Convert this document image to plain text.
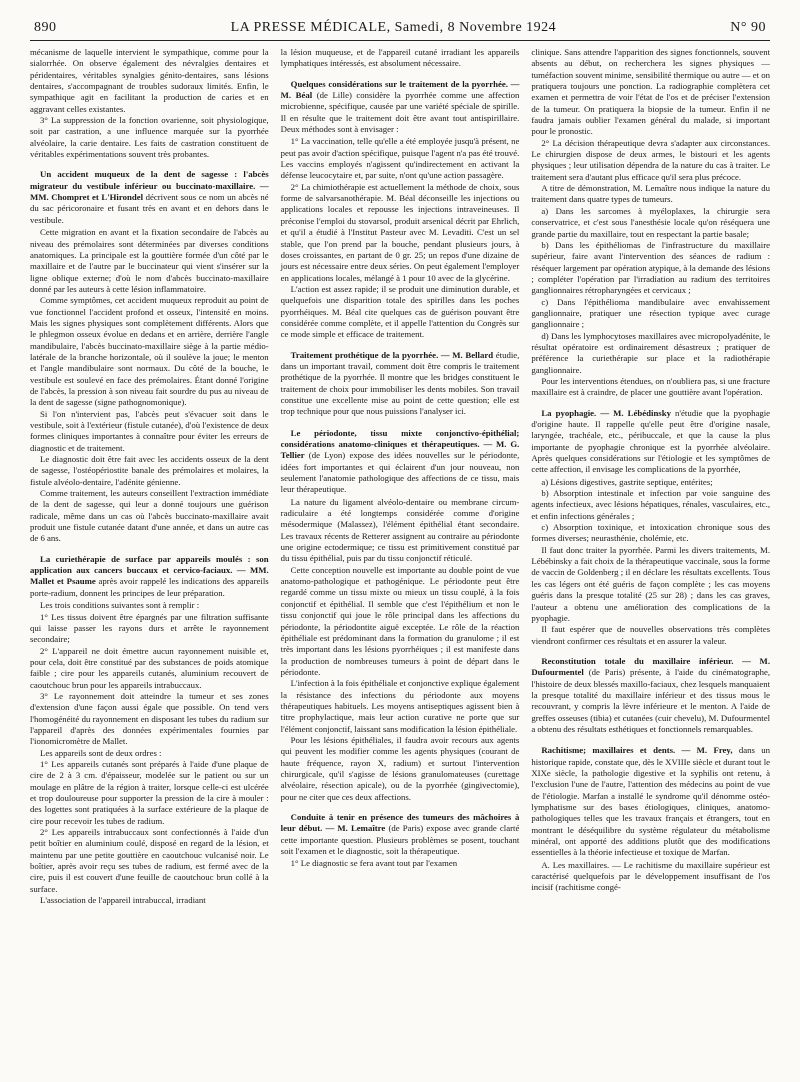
890	LA PRESSE MÉDICALE, Samedi, 8 Novembre 1924	N° 90

mécanisme de laquelle intervient le sympathique, comme pour la sialorrhée. On observe également des névralgies dentaires et péridentaires, véritables synalgies génito-dentaires, sans lésions dentaires, s'accompagnant de troubles sudoraux limités. Enfin, le sympathique agit en facilitant la production de caries et en aggravant celles existantes.

3° La suppression de la fonction ovarienne, soit physiologique, soit par castration, a une influence marquée sur la pyorrhée alvéolaire, la carie dentaire. Les faits de castration constituent de véritables expérimentations souvent très probantes.

Un accident muqueux de la dent de sagesse : l'abcès migrateur du vestibule inférieur ou buccinato-maxillaire. — MM. Chompret et L'Hirondel décrivent sous ce nom un abcès né du sac péricoronaire et fusant très en avant et en dehors dans le vestibule.

Cette migration en avant et la fixation secondaire de l'abcès au niveau des prémolaires sont déterminées par diverses conditions anatomiques. La principale est la gouttière formée d'un côté par le maxillaire et de l'autre par le buccinateur qui vient s'insérer sur la ligne oblique externe; d'où le nom d'abcès buccinato-maxillaire donné par les auteurs à cette lésion inflammatoire.

Comme symptômes, cet accident muqueux reproduit au point de vue fonctionnel l'accident profond et osseux, l'intensité en moins. Mais les signes physiques sont complètement différents. Alors que le phlegmon osseux évolue en dedans et en arrière, derrière l'angle mandibulaire, l'abcès buccinato-maxillaire siège à la partie médio-latérale de la branche horizontale, où il soulève la joue; le menton et l'angle mandibulaire sont normaux. Du côté de la bouche, le vestibule est soulevé en face des prémolaires. Étant donné l'origine de l'abcès, la pression à son niveau fait sourdre du pus au niveau de la dent de sagesse (signe pathognomonique).

Si l'on n'intervient pas, l'abcès peut s'évacuer soit dans le vestibule, soit à l'extérieur (fistule cutanée), d'où l'existence de deux formes cliniques importantes à connaître pour éviter les erreurs de diagnostic et de traitement.

Le diagnostic doit être fait avec les accidents osseux de la dent de sagesse, l'ostéopériostite banale des prémolaires et molaires, la fistule alvéolo-dentaire, l'adénite génienne.

Comme traitement, les auteurs conseillent l'extraction immédiate de la dent de sagesse, qui leur a donné toujours une guérison radicale, même dans un cas où l'abcès buccinato-maxillaire avait produit une fistule cutanée datant d'une année, et dans un autre cas de 6 ans.

La curiethérapie de surface par appareils moulés : son application aux cancers buccaux et cervico-faciaux. — MM. Mallet et Psaume après avoir rappelé les indications des appareils porte-radium, donnent les principes de leur préparation.

Les trois conditions suivantes sont à remplir :

1° Les tissus doivent être épargnés par une filtration suffisante qui laisse passer les rayons durs et arrête le rayonnement secondaire;

2° L'appareil ne doit émettre aucun rayonnement nuisible et, pour cela, doit être constitué par des substances de poids atomique faible ; cire pour les appareils cutanés, aluminium recouvert de caoutchouc brun pour les appareils intrabuccaux.

3° Le rayonnement doit atteindre la tumeur et ses zones d'extension d'une façon aussi égale que possible. On tend vers l'homogénéité du rayonnement en disposant les tubes du radium sur l'appareil d'après des données expérimentales fournies par l'ionomicromètre de Mallet.

Les appareils sont de deux ordres :

1° Les appareils cutanés sont préparés à l'aide d'une plaque de cire de 2 à 3 cm. d'épaisseur, modelée sur le patient ou sur un moulage en plâtre de la région à traiter, lorsque celle-ci est ulcérée et trop douloureuse pour supporter la pression de la cire à mouler : des logettes sont pratiquées à la surface extérieure de la plaque de cire pour recevoir les tubes de radium.

2° Les appareils intrabuccaux sont confectionnés à l'aide d'un petit boîtier en aluminium coulé, disposé en regard de la lésion, et maintenu par une petite gouttière en caoutchouc vulcanisé noir. Le boîtier, après avoir reçu ses tubes de radium, est fermé avec de la cire, puis il est couvert d'une feuille de caoutchouc brun collé à la surface.

L'association de l'appareil intrabuccal, irradiant

la lésion muqueuse, et de l'appareil cutané irradiant les appareils lymphatiques intéressés, est absolument nécessaire.

Quelques considérations sur le traitement de la pyorrhée. — M. Béal (de Lille) considère la pyorrhée comme une affection microbienne, spécifique, causée par une variété spéciale de spirille. Il en résulte que le traitement doit être avant tout antispirillaire. Deux méthodes sont à envisager :

1° La vaccination, telle qu'elle a été employée jusqu'à présent, ne peut pas avoir d'action spécifique, puisque l'agent n'a pas été trouvé. Les vaccins employés n'agissent qu'indirectement en activant la défense leucocytaire et, par suite, n'ont qu'une action passagère.

2° La chimiothérapie est actuellement la méthode de choix, sous forme de salvarsanothérapie. M. Béal déconseille les injections ou applications locales et repousse les injections intraveineuses. Il préconise l'emploi du stovarsol, produit arsenical décrit par Ehrlich, et qu'il a étudié à l'Institut Pasteur avec M. Levaditi. C'est un sel stable, que l'on prend par la bouche, pendant plusieurs jours, à doses croissantes, en partant de 0 gr. 25; un repos d'une dizaine de jours est nécessaire entre deux séries. On peut également l'employer en applications locales, mélangé à 1 pour 10 avec de la glycérine.

L'action est assez rapide; il se produit une diminution durable, et quelquefois une disparition totale des spirilles dans les poches pyorrhéiques. M. Béal cite quelques cas de guérison pouvant être considérée comme complète, et il appelle l'attention du Congrès sur ce mode simple et efficace de traitement.

Traitement prothétique de la pyorrhée. — M. Bellard étudie, dans un important travail, comment doit être compris le traitement prothétique de la pyorrhée. Il montre que les bridges constituent le traitement de choix pour immobiliser les dents mobiles. Son travail constitue une excellente mise au point de cette question; elle est trop technique pour que nous puissions l'analyser ici.
Le périodonte, tissu mixte conjonctivo-épithélial; considérations anatomo-cliniques et thérapeutiques. — M. G. Tellier (de Lyon) expose des idées nouvelles sur le périodonte, idées fort importantes et qui éclairent d'un jour nouveau, non seulement l'anatomie pathologique des affections de ce tissu, mais leur thérapeutique.

La nature du ligament alvéolo-dentaire ou membrane circum-radiculaire a été longtemps considérée comme d'origine mésodermique (Malassez), l'élément épithélial étant secondaire. Les travaux récents de Retterer assignent au contraire au périodonte une origine ectodermique; ce tissu est primitivement constitué par du tissu épithélial, puis par du tissu conjonctif réticulé.

Cette conception nouvelle est importante au double point de vue anatomo-pathologique et pathogénique. Le périodonte peut être regardé comme un tissu mixte ou mieux un tissu couplé, à la fois conjonctif et épithélial. Il semble que c'est l'épithélium et non le tissu conjonctif qui joue le rôle principal dans les affections du périodonte, la périodontite aiguë exceptée. Le rôle de la réaction épithéliale est prédominant dans la formation du granulome ; il est très important dans les lésions pyorrhéiques ; il est manifeste dans la production de nombreuses tumeurs à point de départ dans le périodonte.

L'infection à la fois épithéliale et conjonctive explique également la résistance des infections du périodonte aux moyens thérapeutiques habituels. Les moyens antiseptiques agissent bien à titre prophylactique, mais leur action curative ne porte que sur l'élément conjonctif, laissant sans modification la lésion épithéliale.

Pour les lésions épithéliales, il faudra avoir recours aux agents qui peuvent les modifier comme les agents physiques (courant de haute fréquence, rayon X, radium) et surtout l'intervention chirurgicale, qu'il s'agisse de lésions granulomateuses (curettage alvéolaire, résection apicale), ou de la pyorrhée (gingivectomie), pour ne citer que ces deux affections.

Conduite à tenir en présence des tumeurs des mâchoires à leur début. — M. Lemaître (de Paris) expose avec grande clarté cette importante question. Plusieurs problèmes se posent, touchant soit l'examen et le diagnostic, soit la thérapeutique.

1° Le diagnostic se fera avant tout par l'examen

clinique. Sans attendre l'apparition des signes fonctionnels, souvent absents au début, on recherchera les signes physiques — tuméfaction souvent minime, sensibilité thermique ou autre — et on pratiquera toujours une ponction. La radiographie complètera cet examen et permettra de voir l'état de l'os et de préciser l'extension de la tumeur. On pratiquera la biopsie de la tumeur. Enfin il ne faudra jamais oublier l'examen général du malade, si important pour le pronostic.

2° La décision thérapeutique devra s'adapter aux circonstances. Le chirurgien dispose de deux armes, le bistouri et les agents physiques ; leur utilisation dépendra de la nature du cas à traiter. Le traitement sera d'autant plus efficace qu'il sera plus précoce.

A titre de démonstration, M. Lemaître nous indique la nature du traitement dans quatre types de tumeurs.

a) Dans les sarcomes à myéloplaxes, la chirurgie sera conservatrice, et c'est sous l'anesthésie locale qu'on réséquera une grande partie du maxillaire, tout en respectant la partie basale;

b) Dans les épithéliomas de l'infrastructure du maxillaire supérieur, faire avant l'intervention des séances de radium : réséquer largement par opération atypique, à la demande des lésions ; compléter l'opération par l'irradiation au radium des territoires ganglionnaires rétropharyngées et cervicaux ;

c) Dans l'épithélioma mandibulaire avec envahissement ganglionnaire, pratiquer une résection typique avec curage ganglionnaire ;

d) Dans les lymphocytoses maxillaires avec micropolyadénite, le résultat opératoire est ordinairement désastreux ; pratiquer de préférence la curiethérapie sur place et la radiothérapie ganglionnaire.

Pour les interventions étendues, on n'oubliera pas, si une fracture maxillaire est à craindre, de placer une gouttière avant l'opération.

La pyophagie. — M. Lébédinsky n'étudie que la pyophagie d'origine haute. Il rappelle qu'elle peut être d'origine nasale, laryngée, trachéale, etc., péribuccale, et que la cause la plus importante de pyophagie chronique est la pyorrhée alvéolaire. Après quelques considérations sur l'étiologie et les symptômes de cette affection, il envisage les complications de la pyorrhée,

a) Lésions digestives, gastrite septique, entérites;

b) Absorption intestinale et infection par voie sanguine des agents infectieux, avec lésions hépatiques, rénales, vasculaires, etc., et enfin infections générales ;

c) Absorption toxinique, et intoxication chronique sous des formes diverses; neurasthénie, cholémie, etc.

Il faut donc traiter la pyorrhée. Parmi les divers traitements, M. Lébébinsky a fait choix de la thérapeutique vaccinale, sous la forme de vaccin de Goldenberg ; il en déclare les résultats excellents. Tous les cas légers ont été guéris de façon complète ; les cas moyens guéris dans la presque totalité (25 sur 28) ; dans les cas graves, l'auteur a obtenu une amélioration des complications de la pyophagie.

Il faut espérer que de nouvelles observations très complètes viendront confirmer ces résultats et en assurer la valeur.

Reconstitution totale du maxillaire inférieur. — M. Dufourmentel (de Paris) présente, à l'aide du cinématographe, l'histoire de deux blessés maxillo-faciaux, chez lesquels manquaient la presque totalité du maxillaire inférieur et des tissus mous le recouvrant, y compris la lèvre inférieure et le menton. A l'aide de greffes osseuses (tibia) et cutanées (cuir chevelu), M. Dufourmentel a obtenu des résultats esthétiques et fonctionnels remarquables.
Rachitisme; maxillaires et dents. — M. Frey, dans un historique rapide, constate que, dès le XVIIIe siècle et durant tout le XIXe siècle, la pathologie digestive et la syphilis ont retenu, à l'exclusion l'une de l'autre, l'attention des médecins au point de vue de l'étiologie. Marfan a installé le syndrome qu'il dénomme ostéo-lymphatisme sur des bases étiologiques, cliniques, anatomo-pathologiques telles que les travaux français et étrangers, tout en montrant le déséquilibre du système régulateur du métabolisme minéral, ont apporté des additions plutôt que des modifications essentielles à la théorie infectieuse et toxique de Marfan.

A. Les maxillaires. — Le rachitisme du maxillaire supérieur est caractérisé quelquefois par le développement insuffisant de l'os incisif (rachitisme congé-
